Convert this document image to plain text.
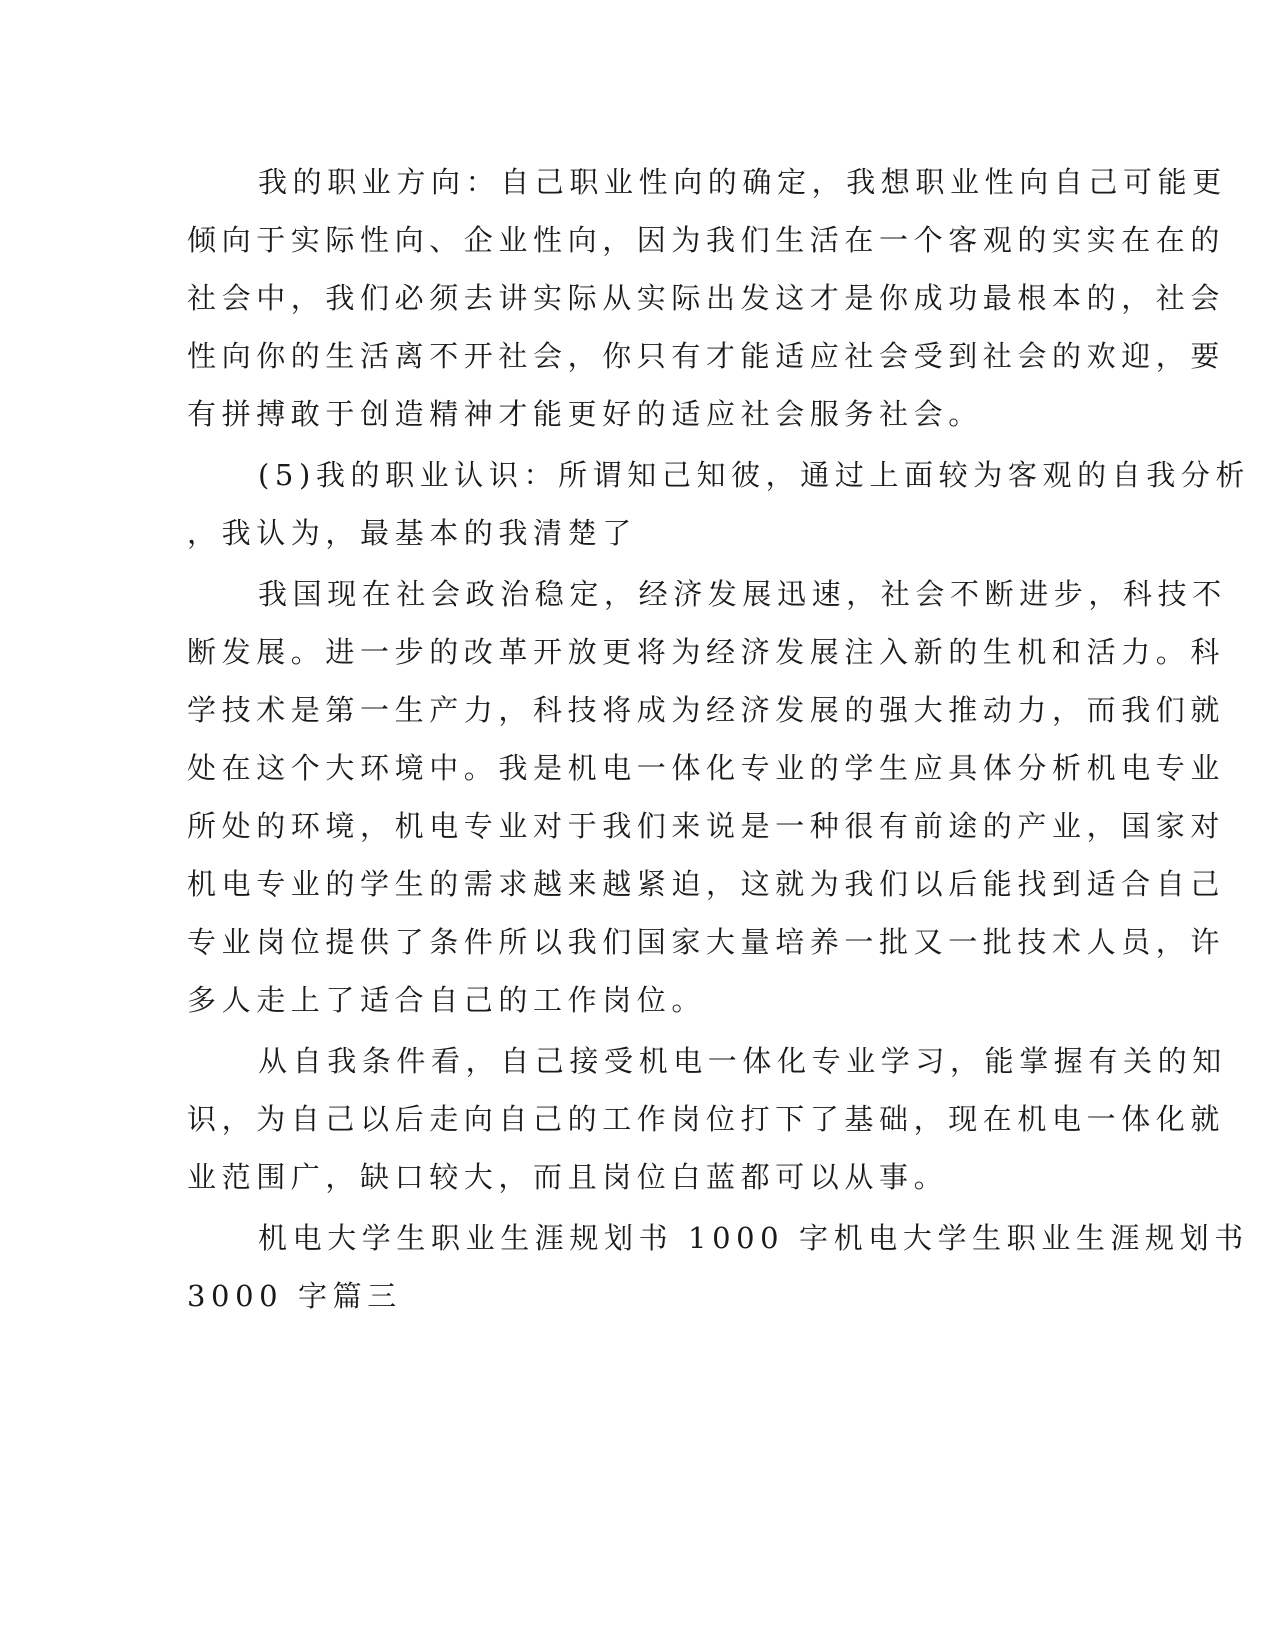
我的职业方向：自己职业性向的确定，我想职业性向自己可能更
倾向于实际性向、企业性向，因为我们生活在一个客观的实实在在的
社会中，我们必须去讲实际从实际出发这才是你成功最根本的，社会
性向你的生活离不开社会，你只有才能适应社会受到社会的欢迎，要
有拼搏敢于创造精神才能更好的适应社会服务社会。
(5)我的职业认识：所谓知己知彼，通过上面较为客观的自我分析
，我认为，最基本的我清楚了
我国现在社会政治稳定，经济发展迅速，社会不断进步，科技不
断发展。进一步的改革开放更将为经济发展注入新的生机和活力。科
学技术是第一生产力，科技将成为经济发展的强大推动力，而我们就
处在这个大环境中。我是机电一体化专业的学生应具体分析机电专业
所处的环境，机电专业对于我们来说是一种很有前途的产业，国家对
机电专业的学生的需求越来越紧迫，这就为我们以后能找到适合自己
专业岗位提供了条件所以我们国家大量培养一批又一批技术人员，许
多人走上了适合自己的工作岗位。
从自我条件看，自己接受机电一体化专业学习，能掌握有关的知
识，为自己以后走向自己的工作岗位打下了基础，现在机电一体化就
业范围广，缺口较大，而且岗位白蓝都可以从事。
机电大学生职业生涯规划书 1000 字机电大学生职业生涯规划书
3000 字篇三
